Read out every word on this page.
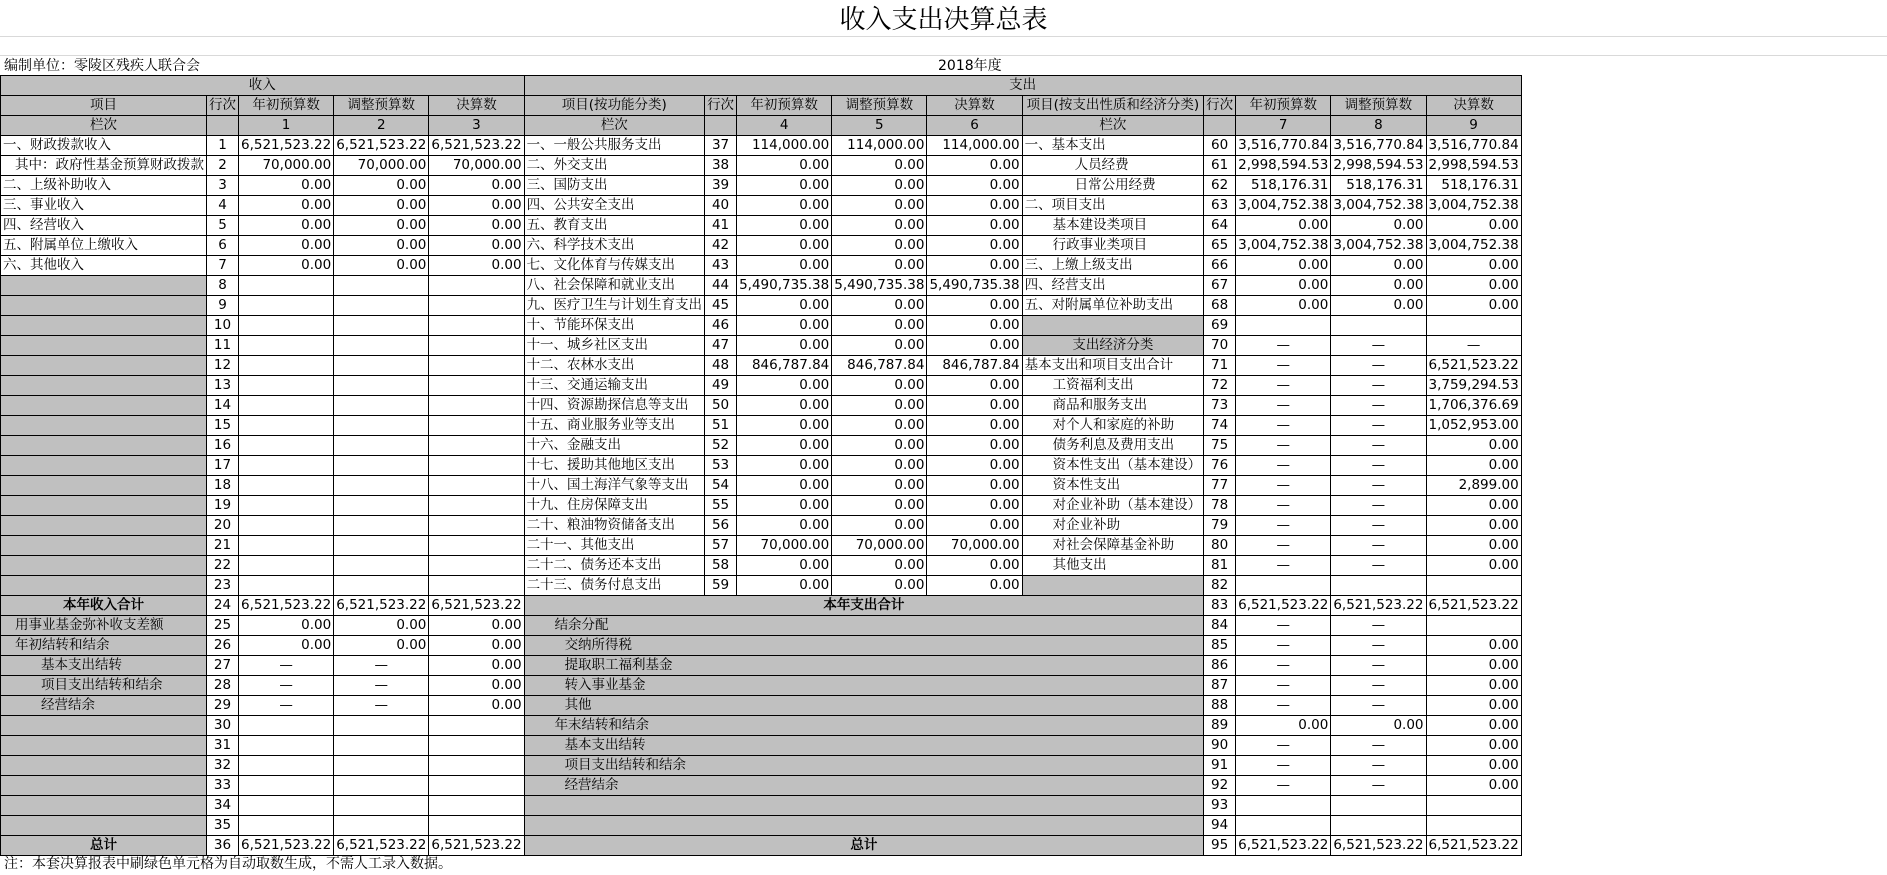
收入支出决算总表
编制单位：零陵区残疾人联合会	2018年度
收入					支出									
项目	行次	年初预算数	调整预算数	决算数	项目(按功能分类)	行次	年初预算数	调整预算数	决算数	项目(按支出性质和经济分类)	行次	年初预算数	调整预算数	决算数
栏次		1	2	3	栏次		4	5	6	栏次		7	8	9
一、财政拨款收入	1	6,521,523.22	6,521,523.22	6,521,523.22	一、一般公共服务支出	37	114,000.00	114,000.00	114,000.00	一、基本支出	60	3,516,770.84	3,516,770.84	3,516,770.84
其中：政府性基金预算财政拨款	2	70,000.00	70,000.00	70,000.00	二、外交支出	38	0.00	0.00	0.00	人员经费	61	2,998,594.53	2,998,594.53	2,998,594.53
二、上级补助收入	3	0.00	0.00	0.00	三、国防支出	39	0.00	0.00	0.00	日常公用经费	62	518,176.31	518,176.31	518,176.31
三、事业收入	4	0.00	0.00	0.00	四、公共安全支出	40	0.00	0.00	0.00	二、项目支出	63	3,004,752.38	3,004,752.38	3,004,752.38
四、经营收入	5	0.00	0.00	0.00	五、教育支出	41	0.00	0.00	0.00	基本建设类项目	64	0.00	0.00	0.00
五、附属单位上缴收入	6	0.00	0.00	0.00	六、科学技术支出	42	0.00	0.00	0.00	行政事业类项目	65	3,004,752.38	3,004,752.38	3,004,752.38
六、其他收入	7	0.00	0.00	0.00	七、文化体育与传媒支出	43	0.00	0.00	0.00	三、上缴上级支出	66	0.00	0.00	0.00
	8				八、社会保障和就业支出	44	5,490,735.38	5,490,735.38	5,490,735.38	四、经营支出	67	0.00	0.00	0.00
	9				九、医疗卫生与计划生育支出	45	0.00	0.00	0.00	五、对附属单位补助支出	68	0.00	0.00	0.00
	10				十、节能环保支出	46	0.00	0.00	0.00		69			
	11				十一、城乡社区支出	47	0.00	0.00	0.00	支出经济分类	70	—	—	—
	12				十二、农林水支出	48	846,787.84	846,787.84	846,787.84	基本支出和项目支出合计	71	—	—	6,521,523.22
	13				十三、交通运输支出	49	0.00	0.00	0.00	工资福利支出	72	—	—	3,759,294.53
	14				十四、资源勘探信息等支出	50	0.00	0.00	0.00	商品和服务支出	73	—	—	1,706,376.69
	15				十五、商业服务业等支出	51	0.00	0.00	0.00	对个人和家庭的补助	74	—	—	1,052,953.00
	16				十六、金融支出	52	0.00	0.00	0.00	债务利息及费用支出	75	—	—	0.00
	17				十七、援助其他地区支出	53	0.00	0.00	0.00	资本性支出（基本建设）	76	—	—	0.00
	18				十八、国土海洋气象等支出	54	0.00	0.00	0.00	资本性支出	77	—	—	2,899.00
	19				十九、住房保障支出	55	0.00	0.00	0.00	对企业补助（基本建设）	78	—	—	0.00
	20				二十、粮油物资储备支出	56	0.00	0.00	0.00	对企业补助	79	—	—	0.00
	21				二十一、其他支出	57	70,000.00	70,000.00	70,000.00	对社会保障基金补助	80	—	—	0.00
	22				二十二、债务还本支出	58	0.00	0.00	0.00	其他支出	81	—	—	0.00
	23				二十三、债务付息支出	59	0.00	0.00	0.00		82			
本年收入合计	24	6,521,523.22	6,521,523.22	6,521,523.22	本年支出合计						83	6,521,523.22	6,521,523.22	6,521,523.22
用事业基金弥补收支差额	25	0.00	0.00	0.00	结余分配						84	—	—	
年初结转和结余	26	0.00	0.00	0.00	交纳所得税						85	—	—	0.00
基本支出结转	27	—	—	0.00	提取职工福利基金						86	—	—	0.00
项目支出结转和结余	28	—	—	0.00	转入事业基金						87	—	—	0.00
经营结余	29	—	—	0.00	其他						88	—	—	0.00
	30				年末结转和结余						89	0.00	0.00	0.00
	31				基本支出结转						90	—	—	0.00
	32				项目支出结转和结余						91	—	—	0.00
	33				经营结余						92	—	—	0.00
	34										93			
	35										94			
总计	36	6,521,523.22	6,521,523.22	6,521,523.22	总计						95	6,521,523.22	6,521,523.22	6,521,523.22
注：本套决算报表中刷绿色单元格为自动取数生成，不需人工录入数据。
